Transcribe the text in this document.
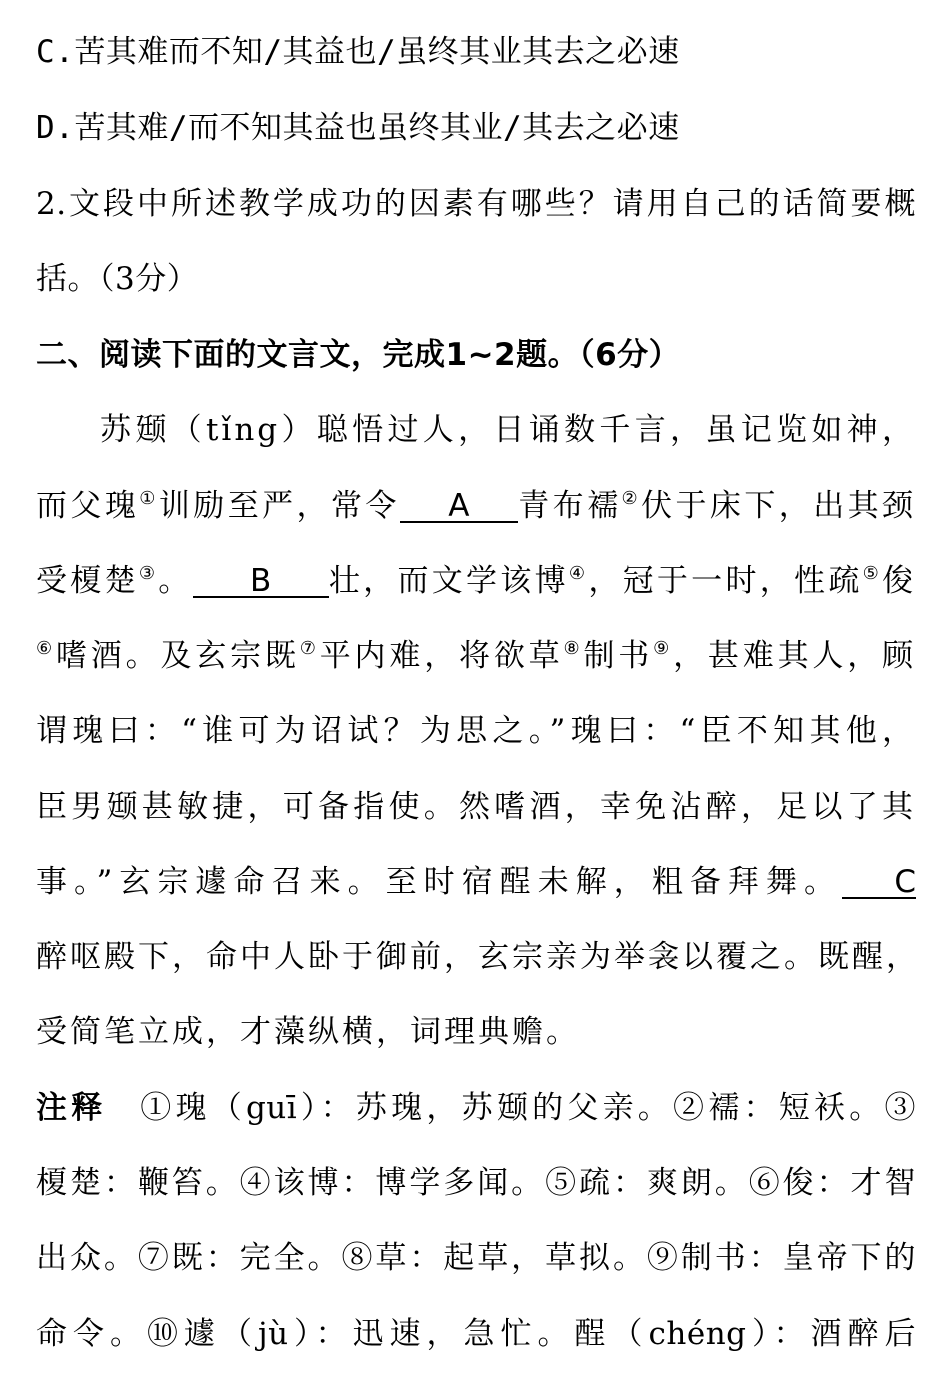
C.苦其难而不知/其益也/虽终其业其去之必速
D.苦其难/而不知其益也虽终其业/其去之必速
2.文段中所述教学成功的因素有哪些？请用自己的话简要概
括。（3分）
二、阅读下面的文言文，完成1~2题。（6分）
苏颋（tǐng）聪悟过人，日诵数千言，虽记览如神，
而父瑰①训励至严，常令 A 青布襦②伏于床下，出其颈
受榎楚③。 B 壮，而文学该博④，冠于一时，性疏⑤俊
⑥嗜酒。及玄宗既⑦平内难，将欲草⑧制书⑨，甚难其人，顾
谓瑰曰：“谁可为诏试？为思之。”瑰曰：“臣不知其他，
臣男颋甚敏捷，可备指使。然嗜酒，幸免沾醉，足以了其
事。”玄宗遽命召来。至时宿酲未解，粗备拜舞。 C
醉呕殿下，命中人卧于御前，玄宗亲为举衾以覆之。既醒，
受简笔立成，才藻纵横，词理典赡。
注释 ①瑰（guī）：苏瑰，苏颋的父亲。②襦：短袄。③
榎楚：鞭笞。④该博：博学多闻。⑤疏：爽朗。⑥俊：才智
出众。⑦既：完全。⑧草：起草，草拟。⑨制书：皇帝下的
命令。⑩遽（jù）：迅速，急忙。酲（chéng）：酒醉后
